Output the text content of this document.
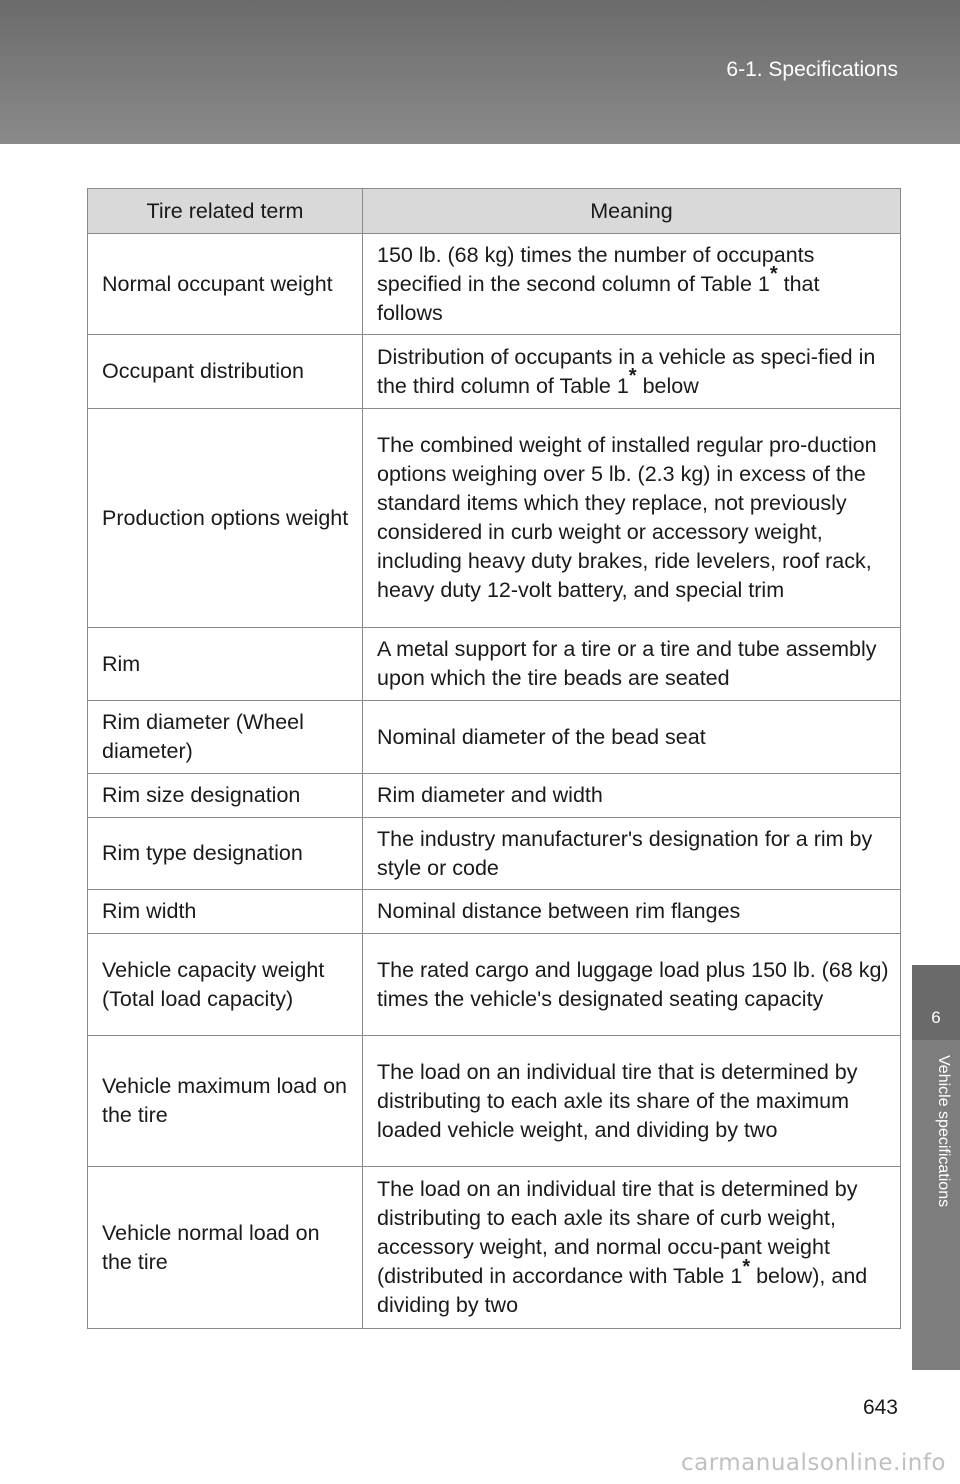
6-1. Specifications
6
Vehicle specifications
Tire related term	Meaning
Normal occupant weight	150 lb. (68 kg) times the number of occupants specified in the second column of Table 1* that follows
Occupant distribution	Distribution of occupants in a vehicle as speci-fied in the third column of Table 1* below
Production options weight	The combined weight of installed regular pro-duction options weighing over 5 lb. (2.3 kg) in excess of the standard items which they replace, not previously considered in curb weight or accessory weight, including heavy duty brakes, ride levelers, roof rack, heavy duty 12-volt battery, and special trim
Rim	A metal support for a tire or a tire and tube assembly upon which the tire beads are seated
Rim diameter (Wheel diameter)	Nominal diameter of the bead seat
Rim size designation	Rim diameter and width
Rim type designation	The industry manufacturer's designation for a rim by style or code
Rim width	Nominal distance between rim flanges
Vehicle capacity weight (Total load capacity)	The rated cargo and luggage load plus 150 lb. (68 kg) times the vehicle's designated seating capacity
Vehicle maximum load on the tire	The load on an individual tire that is determined by distributing to each axle its share of the maximum loaded vehicle weight, and dividing by two
Vehicle normal load on the tire	The load on an individual tire that is determined by distributing to each axle its share of curb weight, accessory weight, and normal occu-pant weight (distributed in accordance with Table 1* below), and dividing by two
643
carmanualsonline.info
